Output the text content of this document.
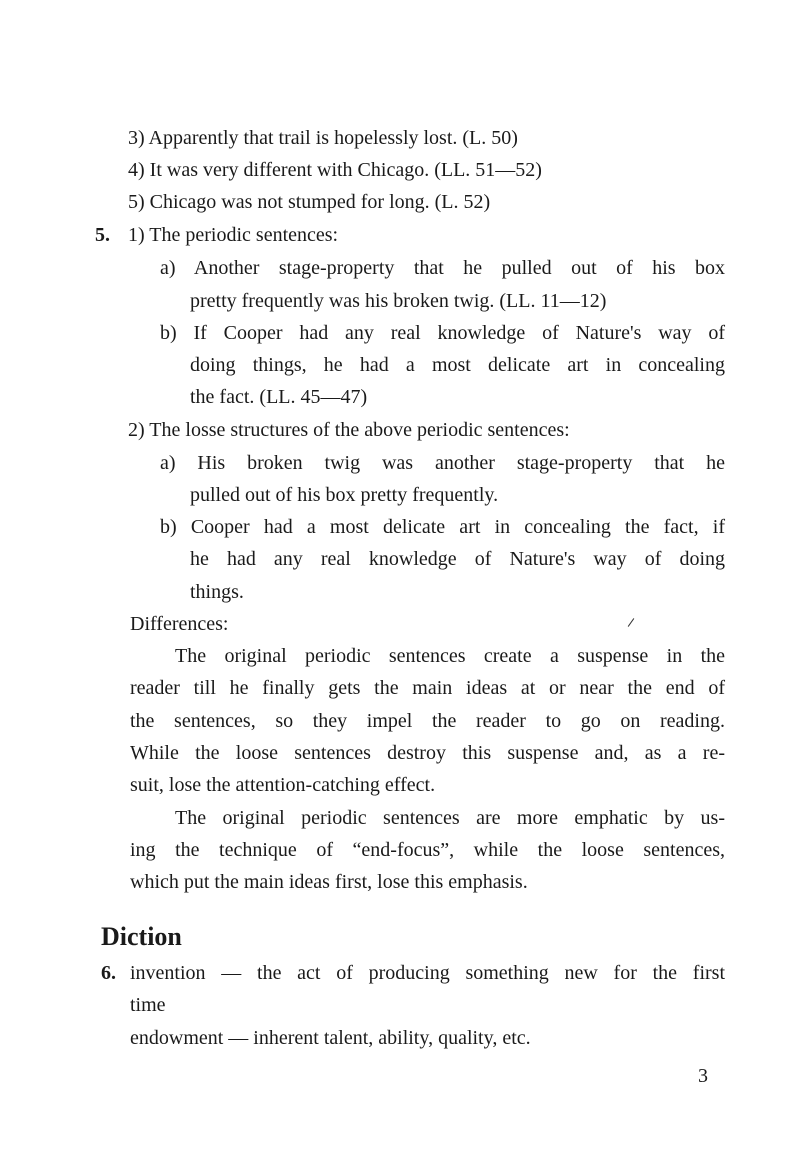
3) Apparently that trail is hopelessly lost. (L. 50)
4) It was very different with Chicago. (LL. 51—52)
5) Chicago was not stumped for long. (L. 52)
5. 1) The periodic sentences:
a) Another stage-property that he pulled out of his box
pretty frequently was his broken twig. (LL. 11—12)
b) If Cooper had any real knowledge of Nature's way of
doing things, he had a most delicate art in concealing
the fact. (LL. 45—47)
2) The losse structures of the above periodic sentences:
a) His broken twig was another stage-property that he
pulled out of his box pretty frequently.
b) Cooper had a most delicate art in concealing the fact, if
he had any real knowledge of Nature's way of doing
things.
Differences:
The original periodic sentences create a suspense in the
reader till he finally gets the main ideas at or near the end of
the sentences, so they impel the reader to go on reading.
While the loose sentences destroy this suspense and, as a re-
suit, lose the attention-catching effect.
The original periodic sentences are more emphatic by us-
ing the technique of “end-focus”, while the loose sentences,
which put the main ideas first, lose this emphasis.
Diction
6. invention — the act of producing something new for the first
time
endowment — inherent talent, ability, quality, etc.
3
